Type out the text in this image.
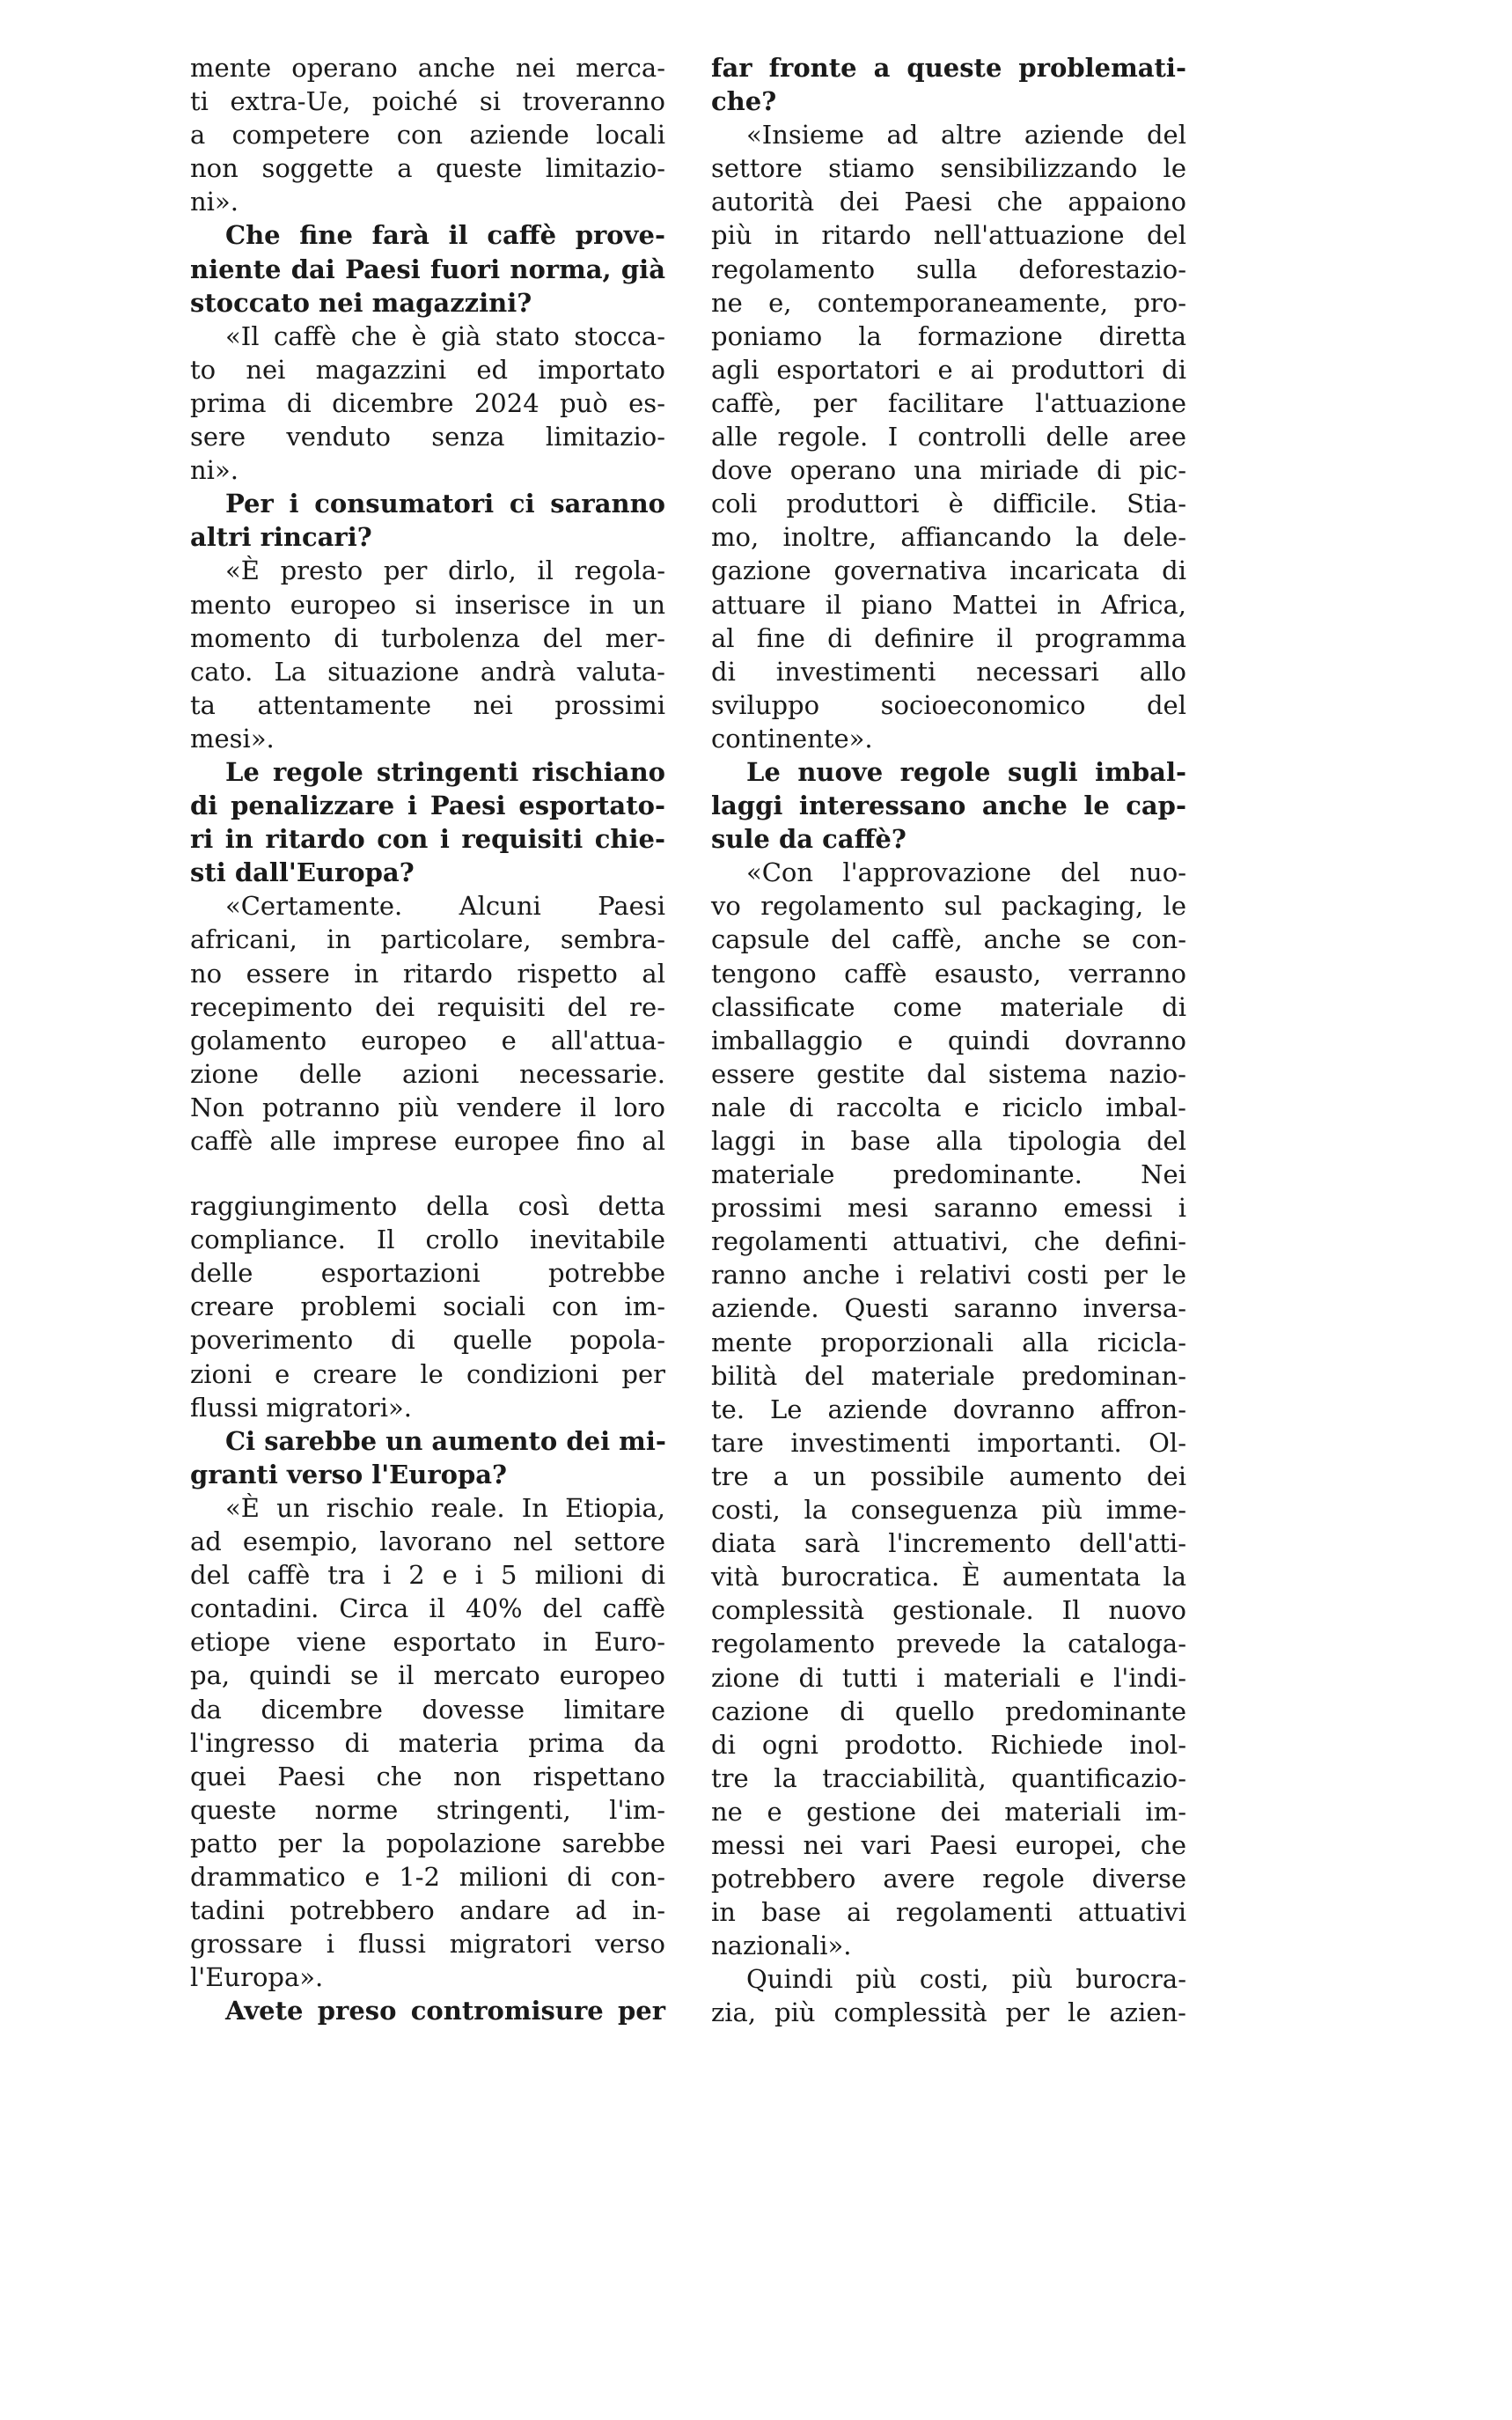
mente operano anche nei merca-
ti extra-Ue, poiché si troveranno
a competere con aziende locali
non soggette a queste limitazio-
ni».
Che fine farà il caffè prove-
niente dai Paesi fuori norma, già
stoccato nei magazzini?
«Il caffè che è già stato stocca-
to nei magazzini ed importato
prima di dicembre 2024 può es-
sere venduto senza limitazio-
ni».
Per i consumatori ci saranno
altri rincari?
«È presto per dirlo, il regola-
mento europeo si inserisce in un
momento di turbolenza del mer-
cato. La situazione andrà valuta-
ta attentamente nei prossimi
mesi».
Le regole stringenti rischiano
di penalizzare i Paesi esportato-
ri in ritardo con i requisiti chie-
sti dall'Europa?
«Certamente. Alcuni Paesi
africani, in particolare, sembra-
no essere in ritardo rispetto al
recepimento dei requisiti del re-
golamento europeo e all'attua-
zione delle azioni necessarie.
Non potranno più vendere il loro
caffè alle imprese europee fino al
raggiungimento della così detta
compliance. Il crollo inevitabile
delle esportazioni potrebbe
creare problemi sociali con im-
poverimento di quelle popola-
zioni e creare le condizioni per
flussi migratori».
Ci sarebbe un aumento dei mi-
granti verso l'Europa?
«È un rischio reale. In Etiopia,
ad esempio, lavorano nel settore
del caffè tra i 2 e i 5 milioni di
contadini. Circa il 40% del caffè
etiope viene esportato in Euro-
pa, quindi se il mercato europeo
da dicembre dovesse limitare
l'ingresso di materia prima da
quei Paesi che non rispettano
queste norme stringenti, l'im-
patto per la popolazione sarebbe
drammatico e 1-2 milioni di con-
tadini potrebbero andare ad in-
grossare i flussi migratori verso
l'Europa».
Avete preso contromisure per
far fronte a queste problemati-
che?
«Insieme ad altre aziende del
settore stiamo sensibilizzando le
autorità dei Paesi che appaiono
più in ritardo nell'attuazione del
regolamento sulla deforestazio-
ne e, contemporaneamente, pro-
poniamo la formazione diretta
agli esportatori e ai produttori di
caffè, per facilitare l'attuazione
alle regole. I controlli delle aree
dove operano una miriade di pic-
coli produttori è difficile. Stia-
mo, inoltre, affiancando la dele-
gazione governativa incaricata di
attuare il piano Mattei in Africa,
al fine di definire il programma
di investimenti necessari allo
sviluppo socioeconomico del
continente».
Le nuove regole sugli imbal-
laggi interessano anche le cap-
sule da caffè?
«Con l'approvazione del nuo-
vo regolamento sul packaging, le
capsule del caffè, anche se con-
tengono caffè esausto, verranno
classificate come materiale di
imballaggio e quindi dovranno
essere gestite dal sistema nazio-
nale di raccolta e riciclo imbal-
laggi in base alla tipologia del
materiale predominante. Nei
prossimi mesi saranno emessi i
regolamenti attuativi, che defini-
ranno anche i relativi costi per le
aziende. Questi saranno inversa-
mente proporzionali alla ricicla-
bilità del materiale predominan-
te. Le aziende dovranno affron-
tare investimenti importanti. Ol-
tre a un possibile aumento dei
costi, la conseguenza più imme-
diata sarà l'incremento dell'atti-
vità burocratica. È aumentata la
complessità gestionale. Il nuovo
regolamento prevede la cataloga-
zione di tutti i materiali e l'indi-
cazione di quello predominante
di ogni prodotto. Richiede inol-
tre la tracciabilità, quantificazio-
ne e gestione dei materiali im-
messi nei vari Paesi europei, che
potrebbero avere regole diverse
in base ai regolamenti attuativi
nazionali».
Quindi più costi, più burocra-
zia, più complessità per le azien-
